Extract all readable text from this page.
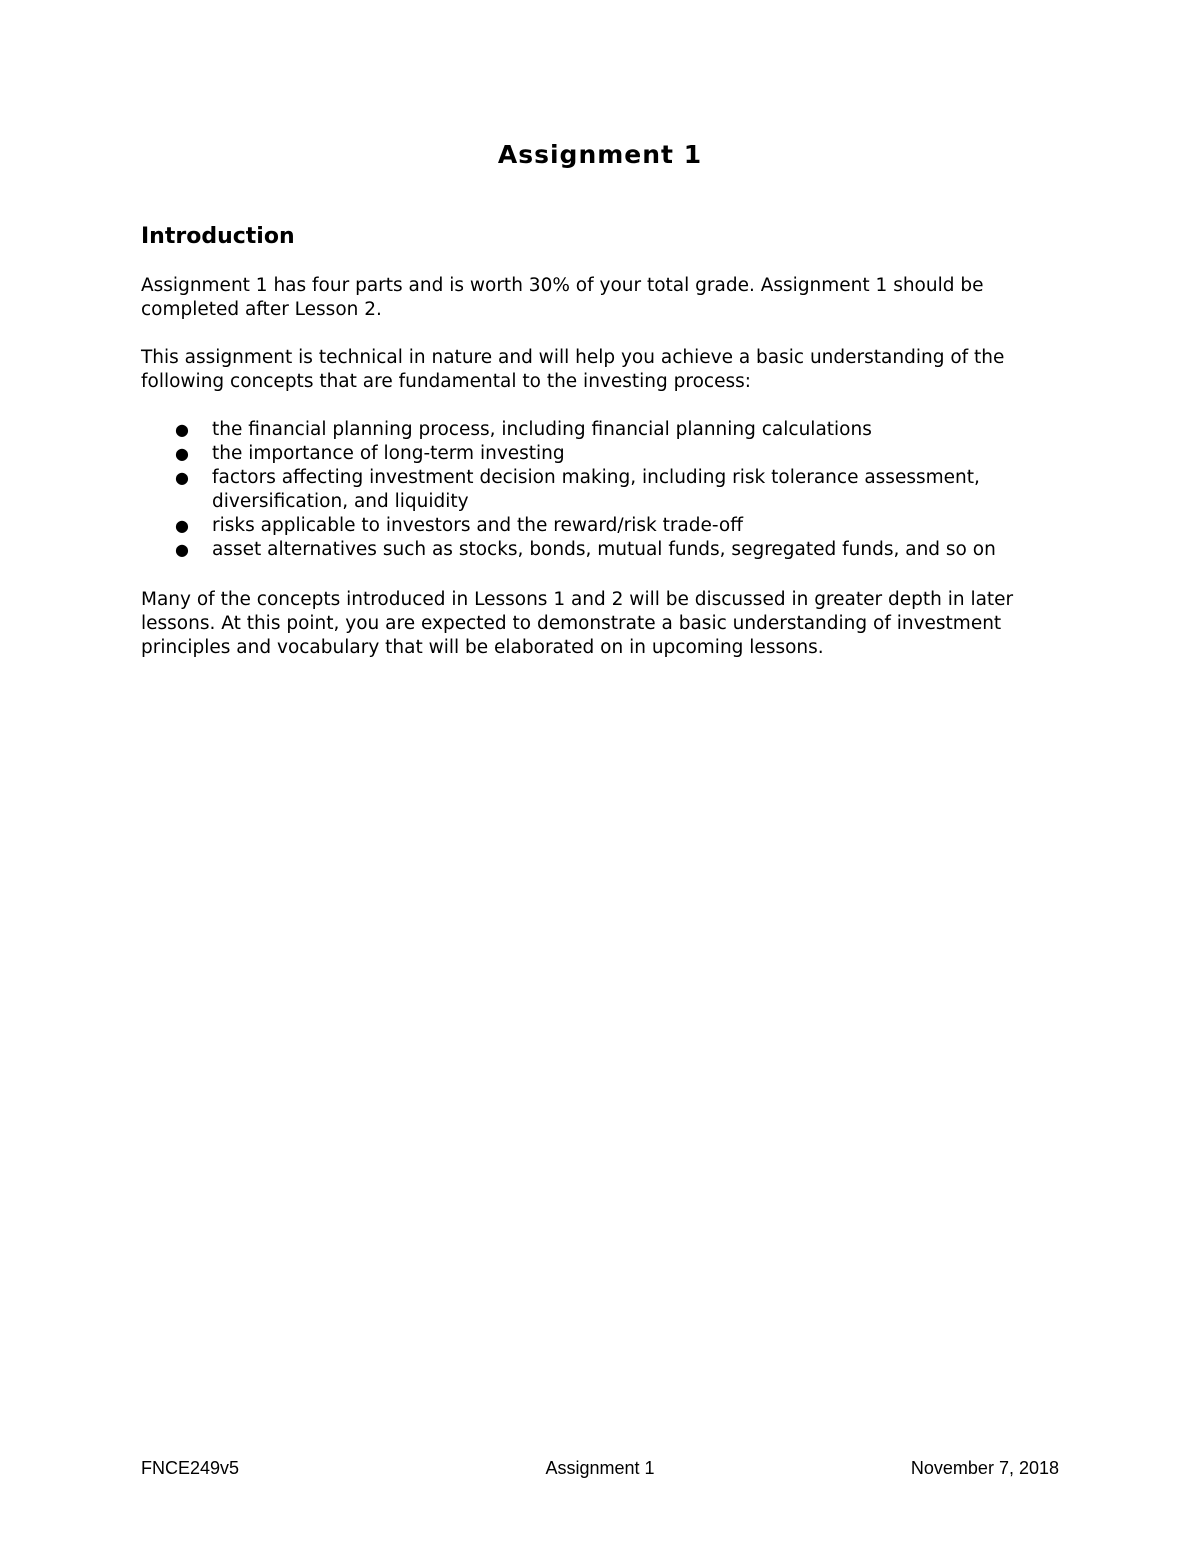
Assignment 1
Introduction

Assignment 1 has four parts and is worth 30% of your total grade. Assignment 1 should be completed after Lesson 2.

This assignment is technical in nature and will help you achieve a basic understanding of the following concepts that are fundamental to the investing process:

● the financial planning process, including financial planning calculations
● the importance of long-term investing
● factors affecting investment decision making, including risk tolerance assessment, diversification, and liquidity
● risks applicable to investors and the reward/risk trade-off
● asset alternatives such as stocks, bonds, mutual funds, segregated funds, and so on

Many of the concepts introduced in Lessons 1 and 2 will be discussed in greater depth in later lessons. At this point, you are expected to demonstrate a basic understanding of investment principles and vocabulary that will be elaborated on in upcoming lessons.

FNCE249v5	Assignment 1	November 7, 2018
